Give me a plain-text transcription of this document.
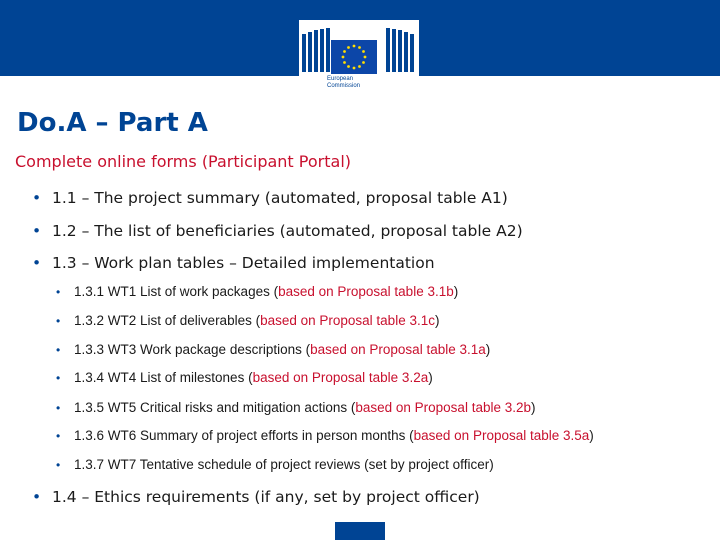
European
Commission
Do.A – Part A

Complete online forms (Participant Portal)

• 1.1 – The project summary (automated, proposal table A1)

• 1.2 – The list of beneficiaries (automated, proposal table A2)

• 1.3 – Work plan tables – Detailed implementation

• 1.3.1 WT1 List of work packages (based on Proposal table 3.1b)

• 1.3.2 WT2 List of deliverables (based on Proposal table 3.1c)

• 1.3.3 WT3 Work package descriptions (based on Proposal table 3.1a)

• 1.3.4 WT4 List of milestones (based on Proposal table 3.2a)

• 1.3.5 WT5 Critical risks and mitigation actions (based on Proposal table 3.2b)

• 1.3.6 WT6 Summary of project efforts in person months (based on Proposal table 3.5a)

• 1.3.7 WT7 Tentative schedule of project reviews (set by project officer)

• 1.4 – Ethics requirements (if any, set by project officer)
